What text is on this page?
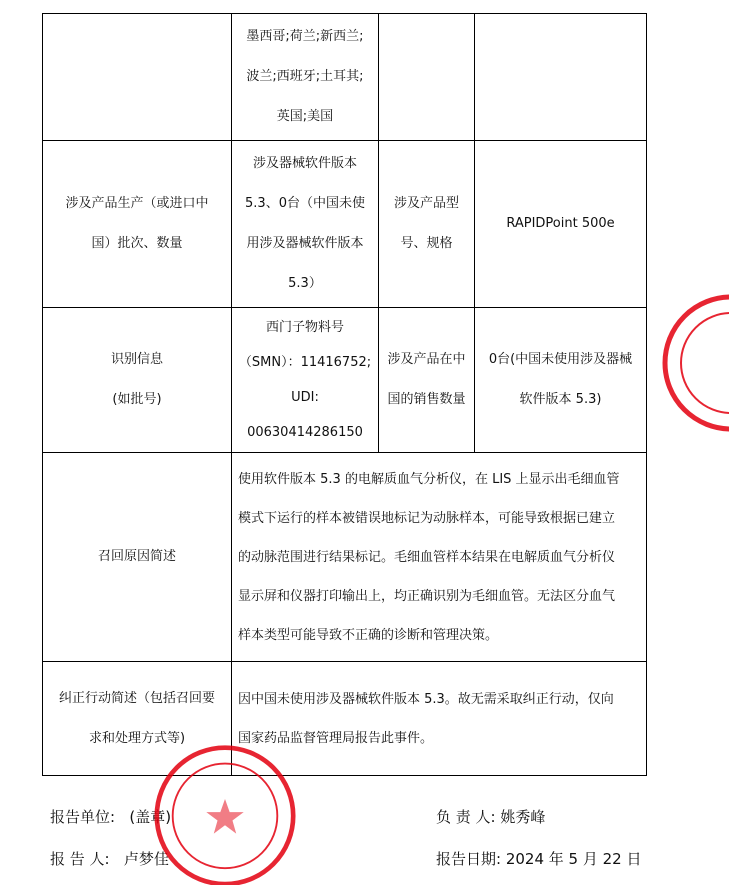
墨西哥;荷兰;新西兰;
波兰;西班牙;土耳其;
英国;美国
涉及产品生产（或进口中国）批次、数量
涉及器械软件版本
5.3、0台（中国未使
用涉及器械软件版本
5.3）
涉及产品型号、规格
RAPIDPoint 500e
识别信息
(如批号)
西门子物料号
（SMN）：11416752;
UDI:
00630414286150
涉及产品在中国的销售数量
0台(中国未使用涉及器械
软件版本 5.3)
召回原因简述
使用软件版本 5.3 的电解质血气分析仪，在 LIS 上显示出毛细血管
模式下运行的样本被错误地标记为动脉样本，可能导致根据已建立
的动脉范围进行结果标记。毛细血管样本结果在电解质血气分析仪
显示屏和仪器打印输出上，均正确识别为毛细血管。无法区分血气
样本类型可能导致不正确的诊断和管理决策。
纠正行动简述（包括召回要
求和处理方式等)
因中国未使用涉及器械软件版本 5.3。故无需采取纠正行动，仅向
国家药品监督管理局报告此事件。
报告单位: (盖章)
报 告 人: 卢梦佳
负 责 人: 姚秀峰
报告日期: 2024 年 5 月 22 日
